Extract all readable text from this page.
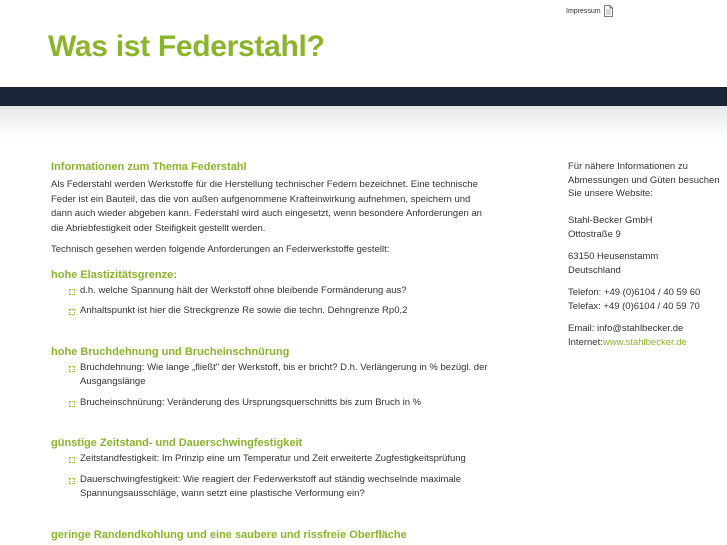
Impressum
Was ist Federstahl?
Informationen zum Thema Federstahl

Als Federstahl werden Werkstoffe für die Herstellung technischer Federn bezeichnet. Eine technische Feder ist ein Bauteil, das die von außen aufgenommene Krafteinwirkung aufnehmen, speichern und dann auch wieder abgeben kann. Federstahl wird auch eingesetzt, wenn besondere Anforderungen an die Abriebfestigkeit oder Steifigkeit gestellt werden.

Technisch gesehen werden folgende Anforderungen an Federwerkstoffe gestellt:

hohe Elastizitätsgrenze:
d.h. welche Spannung hält der Werkstoff ohne bleibende Formänderung aus?
Anhaltspunkt ist hier die Streckgrenze Re sowie die techn. Dehngrenze Rp0,2
hohe Bruchdehnung und Brucheinschnürung
Bruchdehnung: Wie lange „fließt" der Werkstoff, bis er bricht? D.h. Verlängerung in % bezügl. der Ausgangslänge
Brucheinschnürung: Veränderung des Ursprungsquerschnitts bis zum Bruch in %
günstige Zeitstand- und Dauerschwingfestigkeit
Zeitstandfestigkeit: Im Prinzip eine um Temperatur und Zeit erweiterte Zugfestigkeitsprüfung
Dauerschwingfestigkeit: Wie reagiert der Federwerkstoff auf ständig wechselnde maximale Spannungsausschläge, wann setzt eine plastische Verformung ein?
geringe Randendkohlung und eine saubere und rissfreie Oberfläche

Für nähere Informationen zu

Abmessungen und Güten besuchen

Sie unsere Website:

Stahl-Becker GmbH

Ottostraße 9

63150 Heusenstamm

Deutschland

Telefon: +49 (0)6104 / 40 59 60

Telefax: +49 (0)6104 / 40 59 70

Email: info@stahlbecker.de

Internet:www.stahlbecker.de
